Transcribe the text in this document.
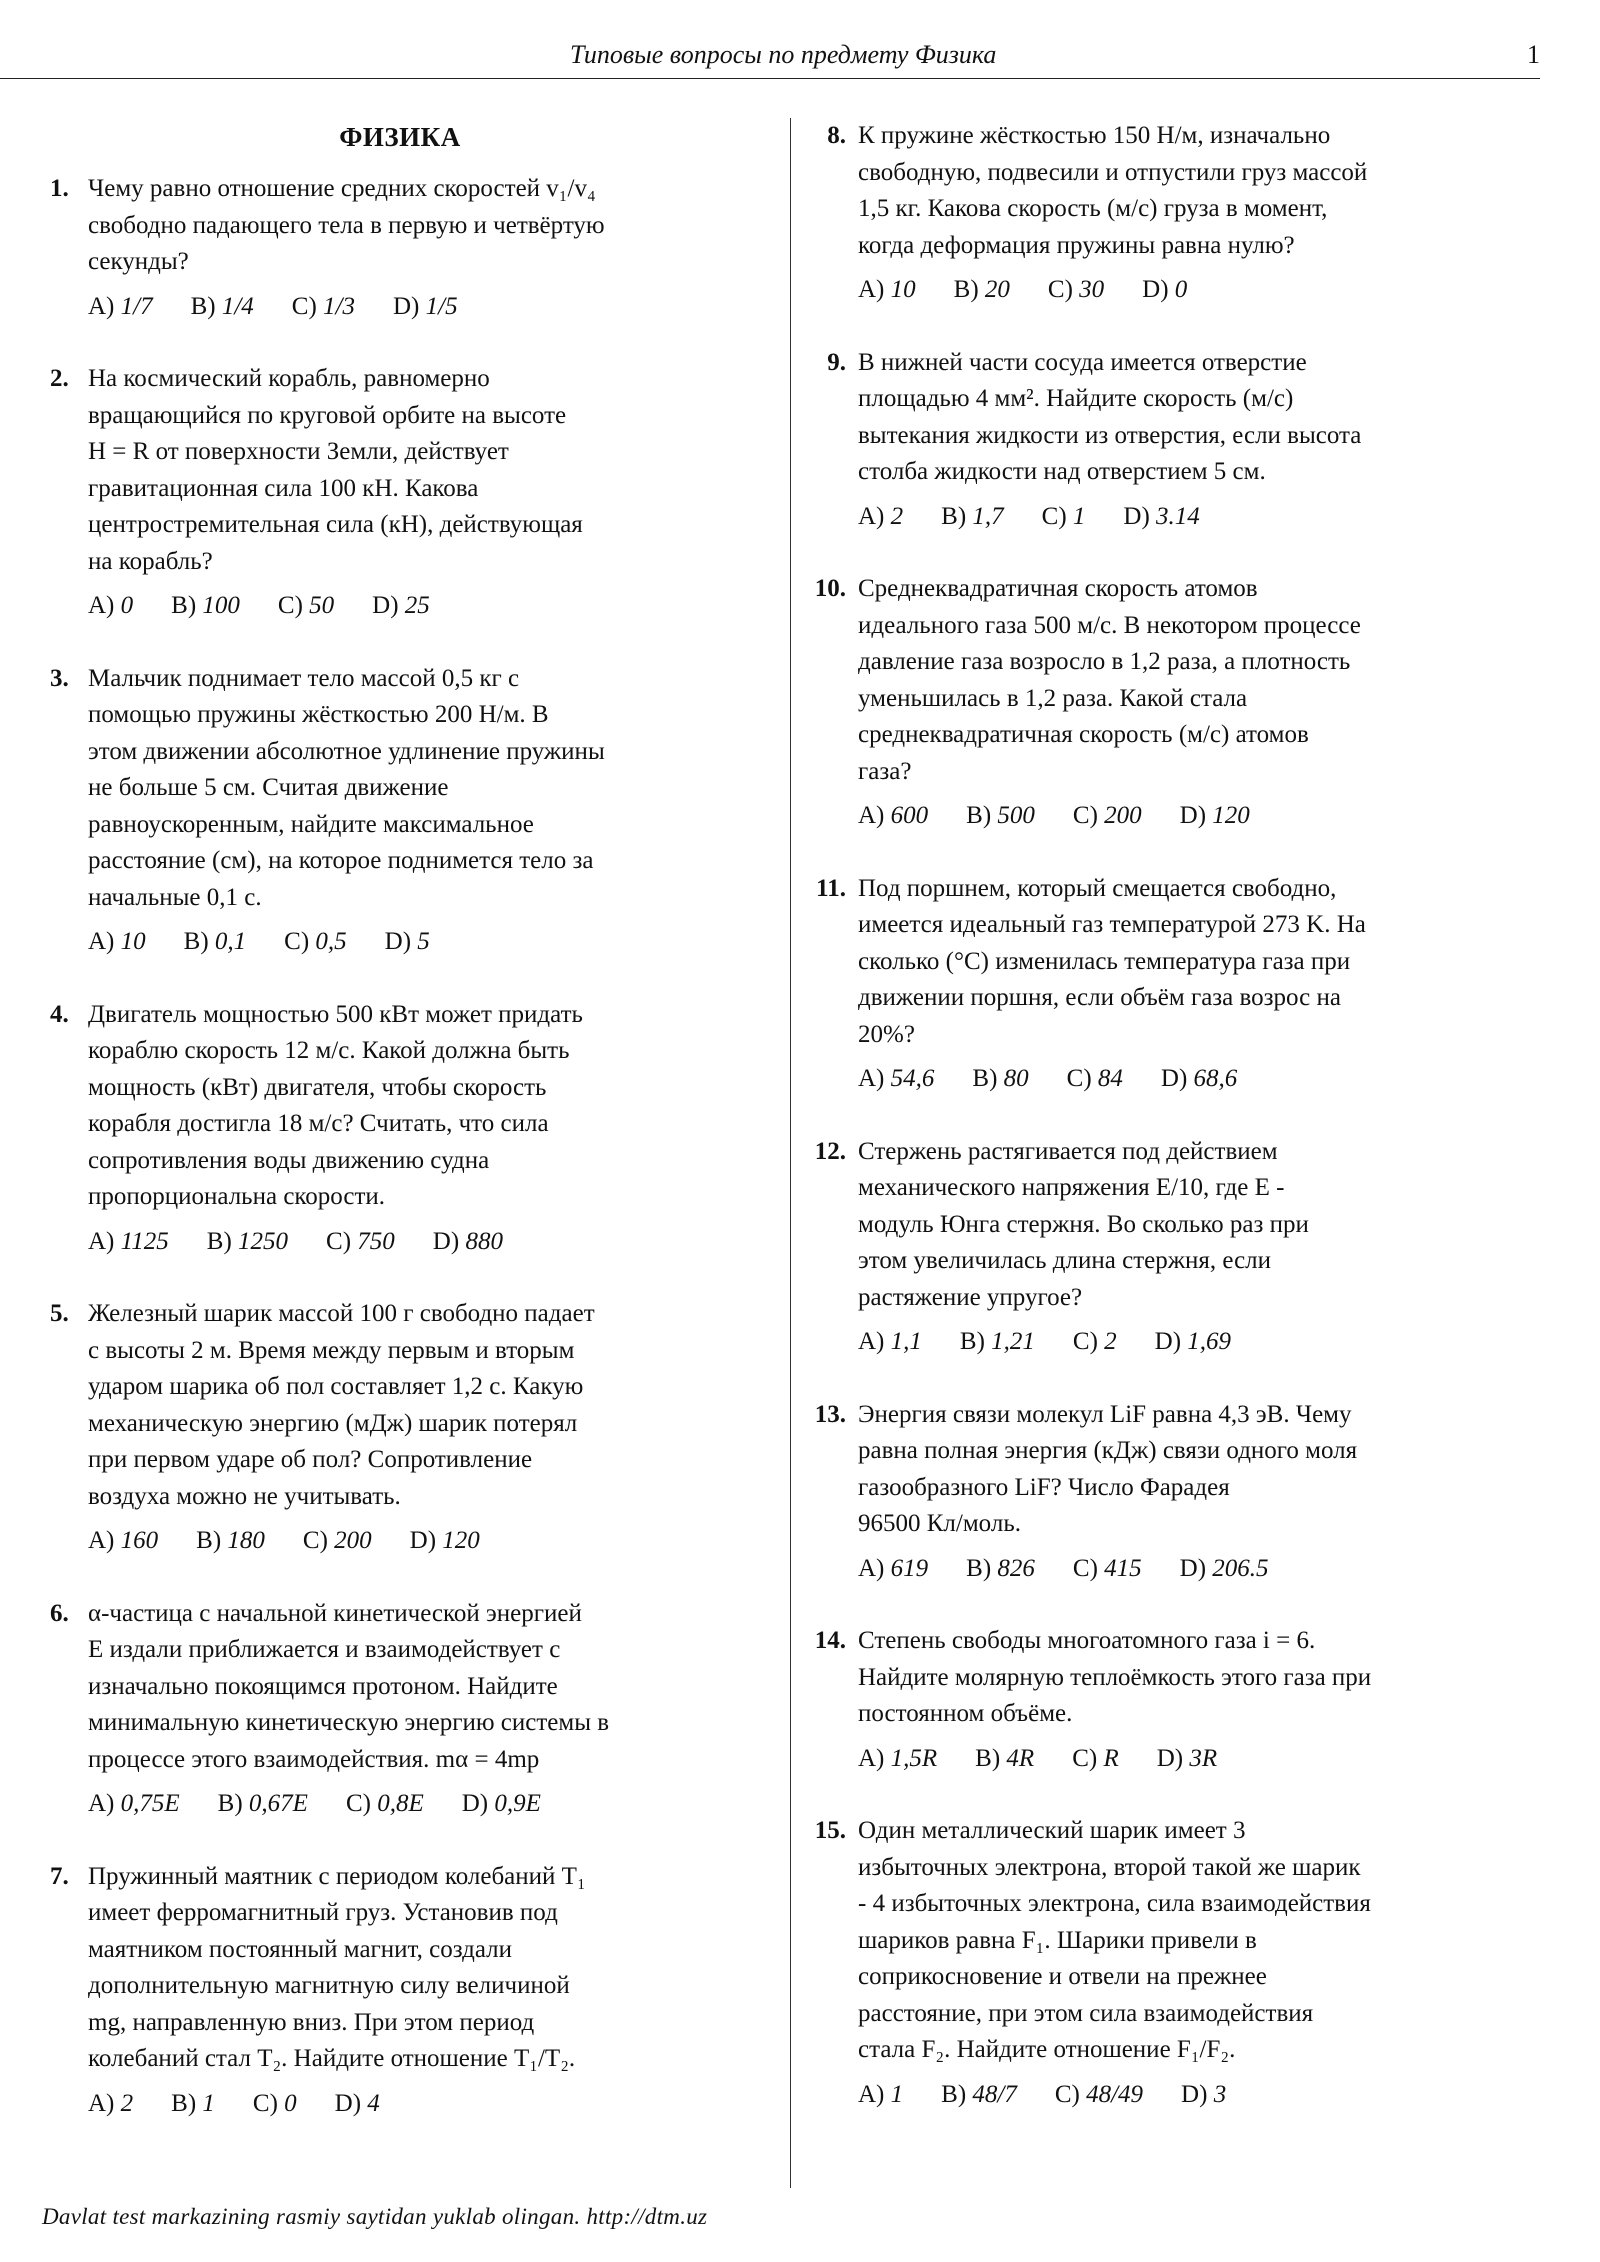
Типовые вопросы по предмету Физика	1
ФИЗИКА
1. Чему равно отношение средних скоростей v₁/v₄
свободно падающего тела в первую и четвёртую
секунды?
A) 1/7 B) 1/4 C) 1/3 D) 1/5
2. На космический корабль, равномерно
вращающийся по круговой орбите на высоте
H = R от поверхности Земли, действует
гравитационная сила 100 кН. Какова
центростремительная сила (кН), действующая
на корабль?
A) 0 B) 100 C) 50 D) 25
3. Мальчик поднимает тело массой 0,5 кг с
помощью пружины жёсткостью 200 Н/м. В
этом движении абсолютное удлинение пружины
не больше 5 см. Считая движение
равноускоренным, найдите максимальное
расстояние (см), на которое поднимется тело за
начальные 0,1 с.
A) 10 B) 0,1 C) 0,5 D) 5
4. Двигатель мощностью 500 кВт может придать
кораблю скорость 12 м/с. Какой должна быть
мощность (кВт) двигателя, чтобы скорость
корабля достигла 18 м/с? Считать, что сила
сопротивления воды движению судна
пропорциональна скорости.
A) 1125 B) 1250 C) 750 D) 880
5. Железный шарик массой 100 г свободно падает
с высоты 2 м. Время между первым и вторым
ударом шарика об пол составляет 1,2 с. Какую
механическую энергию (мДж) шарик потерял
при первом ударе об пол? Сопротивление
воздуха можно не учитывать.
A) 160 B) 180 C) 200 D) 120
6. α-частица с начальной кинетической энергией
E издали приближается и взаимодействует с
изначально покоящимся протоном. Найдите
минимальную кинетическую энергию системы в
процессе этого взаимодействия. mα = 4mp
A) 0,75E B) 0,67E C) 0,8E D) 0,9E
7. Пружинный маятник с периодом колебаний T₁
имеет ферромагнитный груз. Установив под
маятником постоянный магнит, создали
дополнительную магнитную силу величиной
mg, направленную вниз. При этом период
колебаний стал T₂. Найдите отношение T₁/T₂.
A) 2 B) 1 C) 0 D) 4
8. К пружине жёсткостью 150 Н/м, изначально
свободную, подвесили и отпустили груз массой
1,5 кг. Какова скорость (м/с) груза в момент,
когда деформация пружины равна нулю?
A) 10 B) 20 C) 30 D) 0
9. В нижней части сосуда имеется отверстие
площадью 4 мм². Найдите скорость (м/с)
вытекания жидкости из отверстия, если высота
столба жидкости над отверстием 5 см.
A) 2 B) 1,7 C) 1 D) 3.14
10. Среднеквадратичная скорость атомов
идеального газа 500 м/с. В некотором процессе
давление газа возросло в 1,2 раза, а плотность
уменьшилась в 1,2 раза. Какой стала
среднеквадратичная скорость (м/с) атомов
газа?
A) 600 B) 500 C) 200 D) 120
11. Под поршнем, который смещается свободно,
имеется идеальный газ температурой 273 K. На
сколько (°C) изменилась температура газа при
движении поршня, если объём газа возрос на
20%?
A) 54,6 B) 80 C) 84 D) 68,6
12. Стержень растягивается под действием
механического напряжения E/10, где E -
модуль Юнга стержня. Во сколько раз при
этом увеличилась длина стержня, если
растяжение упругое?
A) 1,1 B) 1,21 C) 2 D) 1,69
13. Энергия связи молекул LiF равна 4,3 эВ. Чему
равна полная энергия (кДж) связи одного моля
газообразного LiF? Число Фарадея
96500 Кл/моль.
A) 619 B) 826 C) 415 D) 206.5
14. Степень свободы многоатомного газа i = 6.
Найдите молярную теплоёмкость этого газа при
постоянном объёме.
A) 1,5R B) 4R C) R D) 3R
15. Один металлический шарик имеет 3
избыточных электрона, второй такой же шарик
- 4 избыточных электрона, сила взаимодействия
шариков равна F₁. Шарики привели в
соприкосновение и отвели на прежнее
расстояние, при этом сила взаимодействия
стала F₂. Найдите отношение F₁/F₂.
A) 1 B) 48/7 C) 48/49 D) 3
Davlat test markazining rasmiy saytidan yuklab olingan. http://dtm.uz
